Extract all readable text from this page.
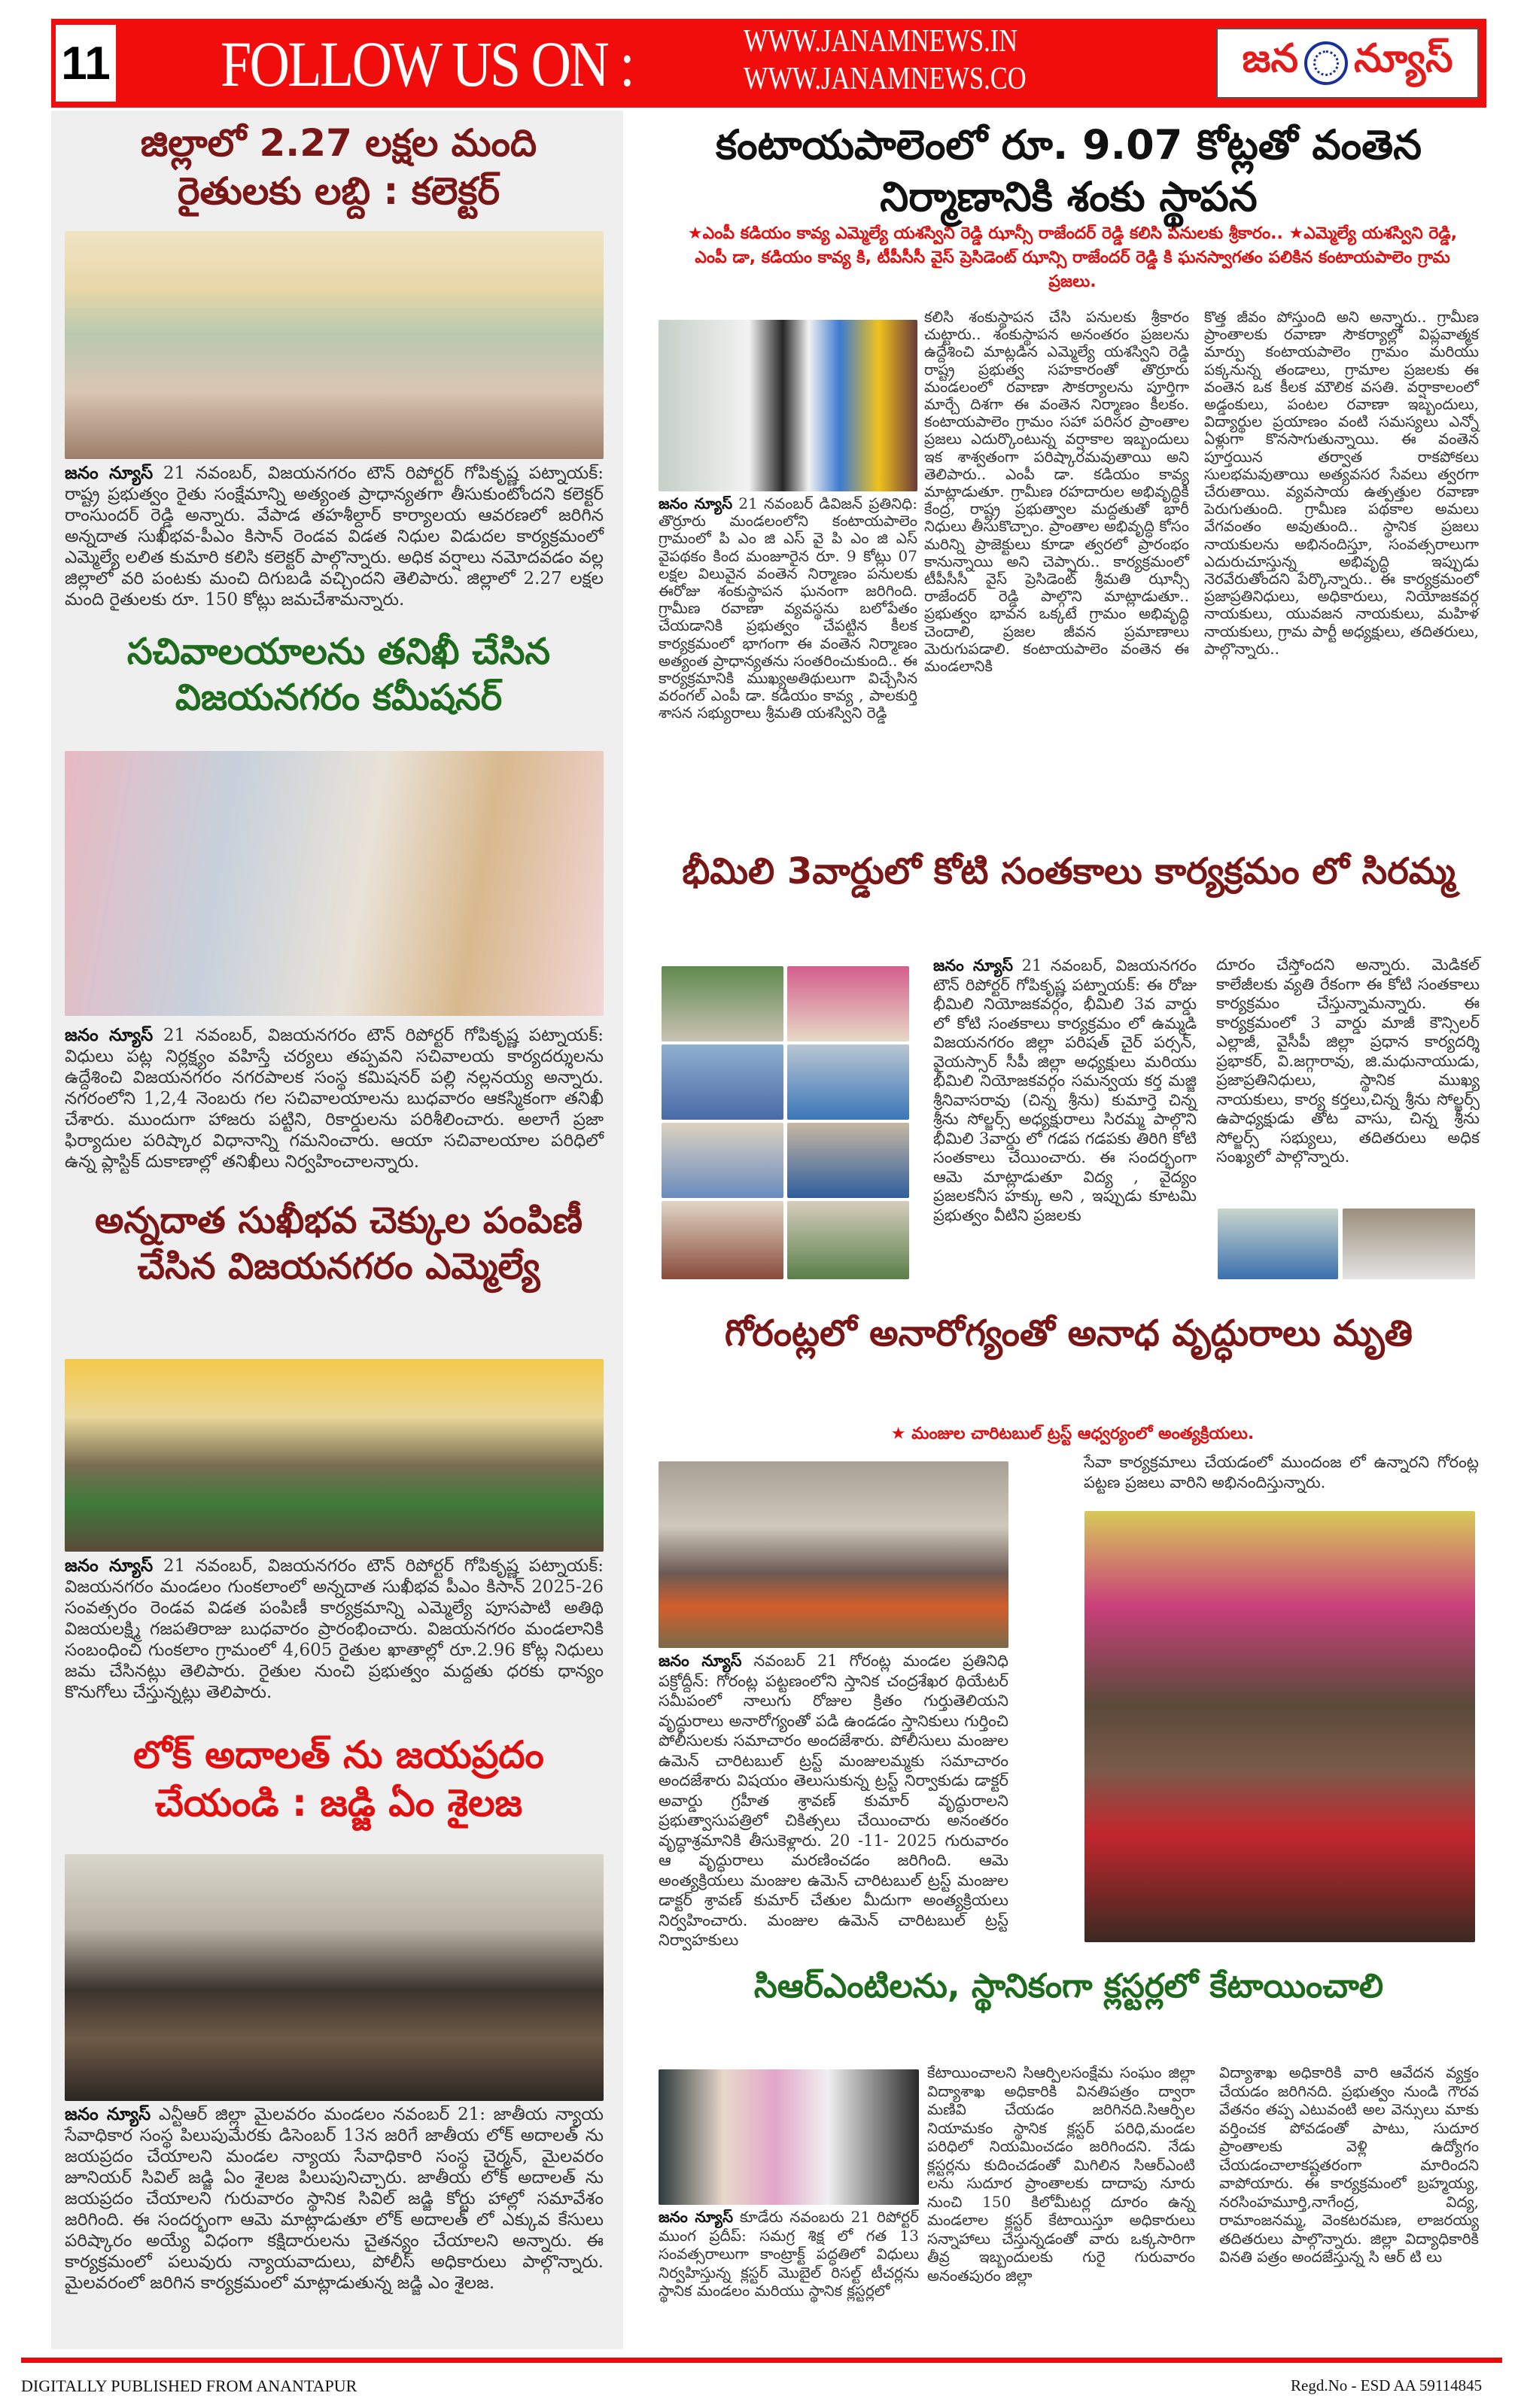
11 FOLLOW US ON :	WWW.JANAMNEWS.IN
WWW.JANAMNEWS.CO	జన న్యూస్
జిల్లాలో 2.27 లక్షల మంది రైతులకు లబ్ది : కలెక్టర్
జనం న్యూస్ 21 నవంబర్, విజయనగరం టౌన్ రిపోర్టర్ గోపికృష్ణ పట్నాయక్: రాష్ట్ర ప్రభుత్వం రైతు సంక్షేమాన్ని అత్యంత ప్రాధాన్యతగా తీసుకుంటోందని కలెక్టర్ రాంసుందర్ రెడ్డి అన్నారు. వేపాడ తహశీల్దార్ కార్యాలయ ఆవరణలో జరిగిన అన్నదాత సుఖీభవ-పీఎం కిసాన్ రెండవ విడత నిధుల విడుదల కార్యక్రమంలో ఎమ్మెల్యే లలిత కుమారి కలిసి కలెక్టర్ పాల్గొన్నారు. అధిక వర్షాలు నమోదవడం వల్ల జిల్లాలో వరి పంటకు మంచి దిగుబడి వచ్చిందని తెలిపారు. జిల్లాలో 2.27 లక్షల మంది రైతులకు రూ. 150 కోట్లు జమచేశామన్నారు.
సచివాలయాలను తనిఖీ చేసిన విజయనగరం కమీషనర్
జనం న్యూస్ 21 నవంబర్, విజయనగరం టౌన్ రిపోర్టర్ గోపికృష్ణ పట్నాయక్: విధులు పట్ల నిర్లక్ష్యం వహిస్తే చర్యలు తప్పవని సచివాలయ కార్యదర్శులను ఉద్దేశించి విజయనగరం నగరపాలక సంస్థ కమిషనర్ పల్లి నల్లనయ్య అన్నారు. నగరంలోని 1,2,4 నెంబరు గల సచివాలయాలను బుధవారం ఆకస్మికంగా తనిఖీ చేశారు. ముందుగా హాజరు పట్టిని, రికార్డులను పరిశీలించారు. అలాగే ప్రజా ఫిర్యాదుల పరిష్కార విధానాన్ని గమనించారు. ఆయా సచివాలయాల పరిధిలో ఉన్న ప్లాస్టిక్ దుకాణాల్లో తనిఖీలు నిర్వహించాలన్నారు.
అన్నదాత సుఖీభవ చెక్కుల పంపిణీ చేసిన విజయనగరం ఎమ్మెల్యే
జనం న్యూస్ 21 నవంబర్, విజయనగరం టౌన్ రిపోర్టర్ గోపికృష్ణ పట్నాయక్: విజయనగరం మండలం గుంకలాంలో అన్నదాత సుఖీభవ పీఎం కిసాన్ 2025-26 సంవత్సరం రెండవ విడత పంపిణీ కార్యక్రమాన్ని ఎమ్మెల్యే పూసపాటి అతిథి విజయలక్ష్మి గజపతిరాజు బుధవారం ప్రారంభించారు. విజయనగరం మండలానికి సంబంధించి గుంకలాం గ్రామంలో 4,605 రైతుల ఖాతాల్లో రూ.2.96 కోట్ల నిధులు జమ చేసినట్లు తెలిపారు. రైతుల నుంచి ప్రభుత్వం మద్దతు ధరకు ధాన్యం కొనుగోలు చేస్తున్నట్లు తెలిపారు.
లోక్ అదాలత్ ను జయప్రదం చేయండి : జడ్జి ఏం శైలజ
జనం న్యూస్ ఎన్టీఆర్ జిల్లా మైలవరం మండలం నవంబర్ 21: జాతీయ న్యాయ సేవాధికార సంస్థ పిలుపుమేరకు డిసెంబర్ 13న జరిగే జాతీయ లోక్ అదాలత్ ను జయప్రదం చేయాలని మండల న్యాయ సేవాధికారి సంస్థ చైర్మన్, మైలవరం జూనియర్ సివిల్ జడ్జి ఏం శైలజ పిలుపునిచ్చారు. జాతీయ లోక్ అదాలత్ ను జయప్రదం చేయాలని గురువారం స్థానిక సివిల్ జడ్జి కోర్టు హాల్లో సమావేశం జరిగింది. ఈ సందర్భంగా ఆమె మాట్లాడుతూ లోక్ అదాలత్ లో ఎక్కువ కేసులు పరిష్కారం అయ్యే విధంగా కక్షిదారులను చైతన్యం చేయాలని అన్నారు. ఈ కార్యక్రమంలో పలువురు న్యాయవాదులు, పోలీస్ అధికారులు పాల్గొన్నారు. మైలవరంలో జరిగిన కార్యక్రమంలో మాట్లాడుతున్న జడ్జి ఎం శైలజ.
కంటాయపాలెంలో రూ. 9.07 కోట్లతో వంతెన నిర్మాణానికి శంకు స్థాపన
★ఎంపీ కడియం కావ్య ఎమ్మెల్యే యశస్విని రెడ్డి ఝాన్సీ రాజేందర్ రెడ్డి కలిసి పనులకు శ్రీకారం.. ★ఎమ్మెల్యే యశస్విని రెడ్డి, ఎంపీ డా, కడియం కావ్య కి, టీపీసీసీ వైస్ ప్రెసిడెంట్ ఝాన్సి రాజేందర్ రెడ్డి కి ఘనస్వాగతం పలికిన కంటాయపాలెం గ్రామ ప్రజలు.
జనం న్యూస్ 21 నవంబర్ డివిజన్ ప్రతినిధి: తొర్రూరు మండలంలోని కంటాయపాలెం గ్రామంలో పి ఎం జి ఎస్ వై పి ఎం జి ఎస్ వైపథకం కింద మంజూరైన రూ. 9 కోట్లు 07 లక్షల విలువైన వంతెన నిర్మాణం పనులకు ఈరోజు శంకుస్థాపన ఘనంగా జరిగింది. గ్రామీణ రవాణా వ్యవస్థను బలోపేతం చేయడానికి ప్రభుత్వం చేపట్టిన కీలక కార్యక్రమంలో భాగంగా ఈ వంతెన నిర్మాణం అత్యంత ప్రాధాన్యతను సంతరించుకుంది.. ఈ కార్యక్రమానికి ముఖ్యఅతిథులుగా విచ్చేసిన వరంగల్ ఎంపీ డా. కడియం కావ్య , పాలకుర్తి శాసన సభ్యురాలు శ్రీమతి యశస్విని రెడ్డి
కలిసి శంకుస్థాపన చేసి పనులకు శ్రీకారం చుట్టారు.. శంకుస్థాపన అనంతరం ప్రజలను ఉద్దేశించి మాట్లడిన ఎమ్మెల్యే యశస్విని రెడ్డి రాష్ట్ర ప్రభుత్వ సహకారంతో తొర్రూరు మండలంలో రవాణా సౌకర్యాలను పూర్తిగా మార్చే దిశగా ఈ వంతెన నిర్మాణం కీలకం. కంటాయపాలెం గ్రామం సహా పరిసర ప్రాంతాల ప్రజలు ఎదుర్కొంటున్న వర్షాకాల ఇబ్బందులు ఇక శాశ్వతంగా పరిష్కారమవుతాయి అని తెలిపారు.. ఎంపీ డా. కడియం కావ్య మాట్లాడుతూ. గ్రామీణ రహదారుల అభివృద్ధికి కేంద్ర, రాష్ట్ర ప్రభుత్వాల మద్దతుతో భారీ నిధులు తీసుకొచ్చాం. ప్రాంతాల అభివృద్ధి కోసం మరిన్ని ప్రాజెక్టులు కూడా త్వరలో ప్రారంభం కానున్నాయి అని చెప్పారు.. కార్యక్రమంలో టీపీసీసీ వైస్ ప్రెసిడెంట్ శ్రీమతి ఝాన్సీ రాజేందర్ రెడ్డి పాల్గొని మాట్లాడుతూ.. ప్రభుత్వం భావన ఒక్కటే గ్రామం అభివృద్ధి చెందాలి, ప్రజల జీవన ప్రమాణాలు మెరుగుపడాలి. కంటాయపాలెం వంతెన ఈ మండలానికి
కొత్త జీవం పోస్తుంది అని అన్నారు.. గ్రామీణ ప్రాంతాలకు రవాణా సౌకర్యాల్లో విప్లవాత్మక మార్పు కంటాయపాలెం గ్రామం మరియు పక్కనున్న తండాలు, గ్రామాల ప్రజలకు ఈ వంతెన ఒక కీలక మౌలిక వసతి. వర్షాకాలంలో అడ్డంకులు, పంటల రవాణా ఇబ్బందులు, విద్యార్థుల ప్రయాణం వంటి సమస్యలు ఎన్నో ఏళ్లుగా కొనసాగుతున్నాయి. ఈ వంతెన పూర్తయిన తర్వాత రాకపోకలు సులభమవుతాయి అత్యవసర సేవలు త్వరగా చేరుతాయి. వ్యవసాయ ఉత్పత్తుల రవాణా పెరుగుతుంది. గ్రామీణ పథకాల అమలు వేగవంతం అవుతుంది.. స్థానిక ప్రజలు నాయకులను అభినందిస్తూ, సంవత్సరాలుగా ఎదురుచూస్తున్న అభివృద్ధి ఇప్పుడు నెరవేరుతోందని పేర్కొన్నారు.. ఈ కార్యక్రమంలో ప్రజాప్రతినిధులు, అధికారులు, నియోజకవర్గ నాయకులు, యువజన నాయకులు, మహిళ నాయకులు, గ్రామ పార్టీ అధ్యక్షులు, తదితరులు, పాల్గొన్నారు..
భీమిలి 3వార్డులో కోటి సంతకాలు కార్యక్రమం లో సిరమ్మ
జనం న్యూస్ 21 నవంబర్, విజయనగరం టౌన్ రిపోర్టర్ గోపికృష్ణ పట్నాయక్: ఈ రోజు భీమిలి నియోజకవర్గం, భీమిలి 3వ వార్డు లో కోటి సంతకాలు కార్యక్రమం లో ఉమ్మడి విజయనగరం జిల్లా పరిషత్ చైర్ పర్సన్, వైయస్సార్ సీపీ జిల్లా అధ్యక్షులు మరియు భీమిలి నియోజకవర్గం సమన్వయ కర్త మజ్జి శ్రీనివాసరావు (చిన్న శ్రీను) కుమార్తె చిన్న శ్రీను సోల్జర్స్ అధ్యక్షురాలు సిరమ్మ పాల్గొని భీమిలి 3వార్డు లో గడప గడపకు తిరిగి కోటి సంతకాలు చేయించారు. ఈ సందర్భంగా ఆమె మాట్లాడుతూ విద్య , వైద్యం ప్రజలకనీస హక్కు అని , ఇప్పుడు కూటమి ప్రభుత్వం వీటిని ప్రజలకు
దూరం చేస్తోందని అన్నారు. మెడికల్ కాలేజీలకు వ్యతి రేకంగా ఈ కోటి సంతకాలు కార్యక్రమం చేస్తున్నామన్నారు. ఈ కార్యక్రమంలో 3 వార్డు మాజీ కౌన్సిలర్ ఎల్లాజీ, వైసీపీ జిల్లా ప్రధాన కార్యదర్శి ప్రభాకర్, వి.జగ్గారావు, జి.మధునాయుడు, ప్రజాప్రతినిధులు, స్థానిక ముఖ్య నాయకులు, కార్య కర్తలు,చిన్న శ్రీను సోల్జర్స్ ఉపాధ్యక్షుడు తోట వాసు, చిన్న శ్రీను సోల్జర్స్ సభ్యులు, తదితరులు అధిక సంఖ్యలో పాల్గొన్నారు.
గోరంట్లలో అనారోగ్యంతో అనాధ వృద్ధురాలు మృతి
★ మంజుల చారిటబుల్ ట్రస్ట్ ఆధ్వర్యంలో అంత్యక్రియలు.
జనం న్యూస్ నవంబర్ 21 గోరంట్ల మండల ప్రతినిధి పక్రోద్దీన్: గోరంట్ల పట్టణంలోని స్తానిక చంద్రశేఖర థియేటర్ సమీపంలో నాలుగు రోజుల క్రితం గుర్తుతెలియని వృద్ధురాలు అనారోగ్యంతో పడి ఉండడం స్తానికులు గుర్తించి పోలీసులకు సమాచారం అందజేశారు. పోలీసులు మంజుల ఉమెన్ చారిటబుల్ ట్రస్ట్ మంజులమ్మకు సమాచారం అందజేశారు విషయం తెలుసుకున్న ట్రస్ట్ నిర్వాకుడు డాక్టర్ అవార్డు గ్రహీత శ్రావణ్ కుమార్ వృద్ధురాలని ప్రభుత్వాసుపత్రిలో చికిత్సలు చేయించారు అనంతరం వృద్ధాశ్రమానికి తీసుకెళ్లారు. 20 -11- 2025 గురువారం ఆ వృద్ధురాలు మరణించడం జరిగింది. ఆమె అంత్యక్రియలు మంజుల ఉమెన్ చారిటబుల్ ట్రస్ట్ మంజుల డాక్టర్ శ్రావణ్ కుమార్ చేతుల మీదుగా అంత్యక్రియలు నిర్వహించారు. మంజుల ఉమెన్ చారిటబుల్ ట్రస్ట్ నిర్వాహకులు
సేవా కార్యక్రమాలు చేయడంలో ముందంజ లో ఉన్నారని గోరంట్ల పట్టణ ప్రజలు వారిని అభినందిస్తున్నారు.
సిఆర్ఎంటిలను, స్థానికంగా క్లస్టర్లలో కేటాయించాలి
జనం న్యూస్ కూడేరు నవంబరు 21 రిపోర్టర్ ముంగ ప్రదీప్: సమగ్ర శిక్ష లో గత 13 సంవత్సరాలుగా కాంట్రాక్ట్ పద్ధతిలో విధులు నిర్వహిస్తున్న క్లస్టర్ మొబైల్ రిసల్ట్ టీచర్లను స్థానిక మండలం మరియు స్థానిక క్లస్టర్లలో
కేటాయించాలని సిఆర్పిలసంక్షేమ సంఘం జిల్లా విద్యాశాఖ అధికారికి వినతిపత్రం ద్వారా మణివి చేయడం జరిగినది.సిఆర్పిల నియామకం స్థానిక క్లస్టర్ పరిధి,మండల పరిధిలో నియమించడం జరిగిందని. నేడు క్లస్టర్లను కుదించడంతో మిగిలిన సిఆర్ఎంటి లను సుదూర ప్రాంతాలకు దాదాపు నూరు నుంచి 150 కిలోమీటర్ల దూరం ఉన్న మండలాల క్లస్టర్ కేటాయిస్తూ అధికారులు సన్నాహాలు చేస్తున్నడంతో వారు ఒక్కసారిగా తీవ్ర ఇబ్బందులకు గురై గురువారం అనంతపురం జిల్లా
విద్యాశాఖ అధికారికి వారి ఆవేదన వ్యక్తం చేయడం జరిగినది. ప్రభుత్వం నుండి గౌరవ వేతనం తప్ప ఎటువంటి అల వెన్సులు మాకు వర్తించక పోవడంతో పాటు, సుదూర ప్రాంతాలకు వెళ్లి ఉద్యోగం చేయడంచాలాకష్టతరంగా మారిందని వాపోయారు. ఈ కార్యక్రమంలో బ్రహ్మయ్య, నరసింహమూర్తి,నాగేంద్ర, విద్య, రామాంజనమ్మ, వెంకటరమణ, లాజరయ్య తదితరులు పాల్గొన్నారు. జిల్లా విద్యాధికారికి వినతి పత్రం అందజేస్తున్న సి ఆర్ టి లు
DIGITALLY PUBLISHED FROM ANANTAPUR	Regd.No - ESD AA 59114845
